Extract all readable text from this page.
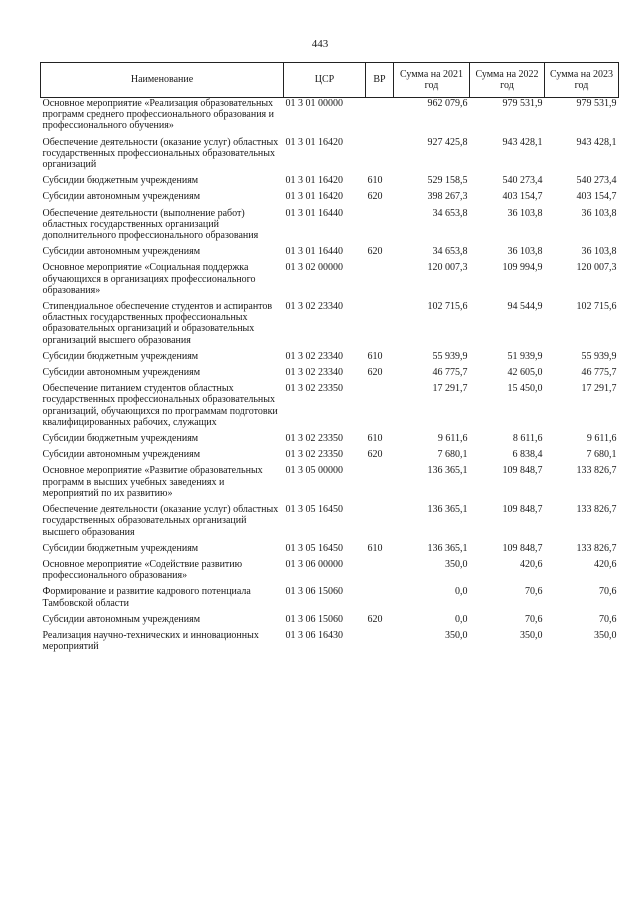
443
Наименование	ЦСР	ВР	Сумма на 2021 год	Сумма на 2022 год	Сумма на 2023 год
Основное мероприятие «Реализация образовательных программ среднего профессионального образования и профессионального обучения»	01 3 01 00000		962 079,6	979 531,9	979 531,9
Обеспечение деятельности (оказание услуг) областных государственных профессиональных образовательных организаций	01 3 01 16420		927 425,8	943 428,1	943 428,1
Субсидии бюджетным учреждениям	01 3 01 16420	610	529 158,5	540 273,4	540 273,4
Субсидии автономным учреждениям	01 3 01 16420	620	398 267,3	403 154,7	403 154,7
Обеспечение деятельности (выполнение работ) областных государственных организаций дополнительного профессионального образования	01 3 01 16440		34 653,8	36 103,8	36 103,8
Субсидии автономным учреждениям	01 3 01 16440	620	34 653,8	36 103,8	36 103,8
Основное мероприятие «Социальная поддержка обучающихся в организациях профессионального образования»	01 3 02 00000		120 007,3	109 994,9	120 007,3
Стипендиальное обеспечение студентов и аспирантов областных государственных профессиональных образовательных организаций и образовательных организаций высшего образования	01 3 02 23340		102 715,6	94 544,9	102 715,6
Субсидии бюджетным учреждениям	01 3 02 23340	610	55 939,9	51 939,9	55 939,9
Субсидии автономным учреждениям	01 3 02 23340	620	46 775,7	42 605,0	46 775,7
Обеспечение питанием студентов областных государственных профессиональных образовательных организаций, обучающихся по программам подготовки квалифицированных рабочих, служащих	01 3 02 23350		17 291,7	15 450,0	17 291,7
Субсидии бюджетным учреждениям	01 3 02 23350	610	9 611,6	8 611,6	9 611,6
Субсидии автономным учреждениям	01 3 02 23350	620	7 680,1	6 838,4	7 680,1
Основное мероприятие «Развитие образовательных программ в высших учебных заведениях и мероприятий по их развитию»	01 3 05 00000		136 365,1	109 848,7	133 826,7
Обеспечение деятельности (оказание услуг) областных государственных образовательных организаций высшего образования	01 3 05 16450		136 365,1	109 848,7	133 826,7
Субсидии бюджетным учреждениям	01 3 05 16450	610	136 365,1	109 848,7	133 826,7
Основное мероприятие «Содействие развитию профессионального образования»	01 3 06 00000		350,0	420,6	420,6
Формирование и развитие кадрового потенциала Тамбовской области	01 3 06 15060		0,0	70,6	70,6
Субсидии автономным учреждениям	01 3 06 15060	620	0,0	70,6	70,6
Реализация научно-технических и инновационных мероприятий	01 3 06 16430		350,0	350,0	350,0
